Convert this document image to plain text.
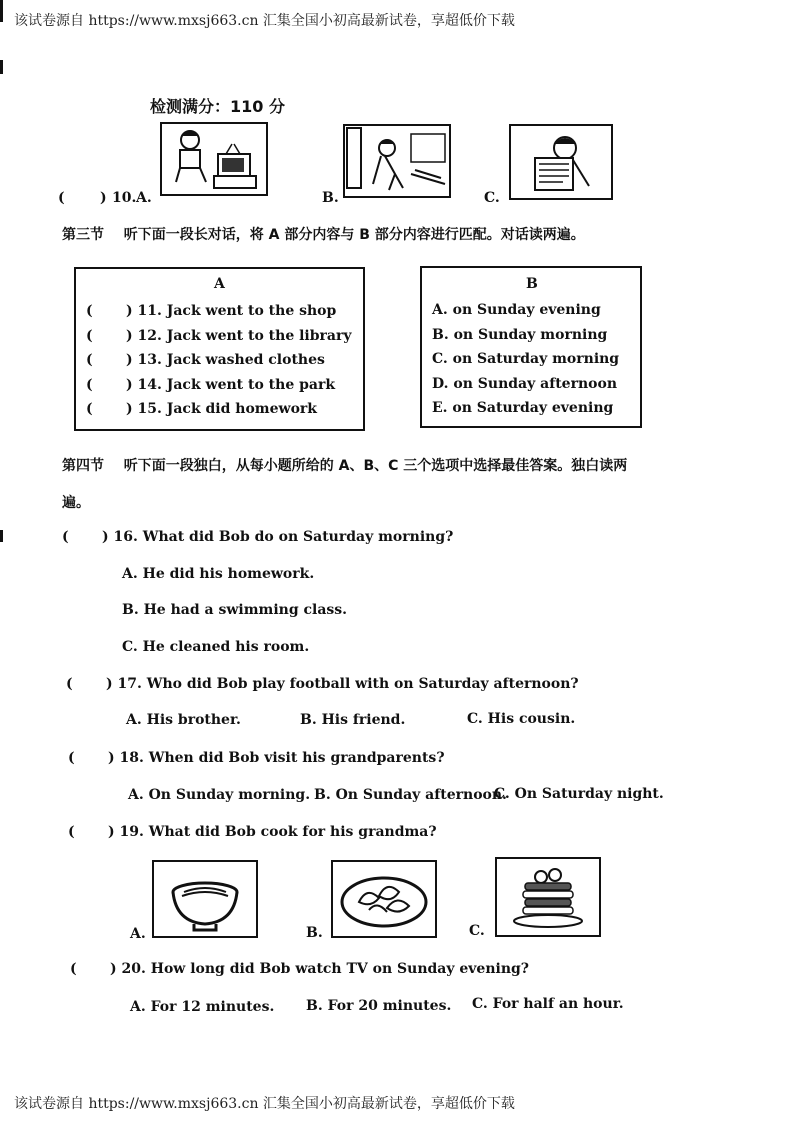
该试卷源自 https://www.mxsj663.cn 汇集全国小初高最新试卷，享超低价下载
检测满分：110 分
(	) 10. A.	B.	C.
第三节 听下面一段长对话，将 A 部分内容与 B 部分内容进行匹配。对话读两遍。
A
( ) 11. Jack went to the shop
( ) 12. Jack went to the library
( ) 13. Jack washed clothes
( ) 14. Jack went to the park
( ) 15. Jack did homework
B
A. on Sunday evening
B. on Sunday morning
C. on Saturday morning
D. on Sunday afternoon
E. on Saturday evening
第四节 听下面一段独白，从每小题所给的 A、B、C 三个选项中选择最佳答案。独白读两
遍。
( ) 16. What did Bob do on Saturday morning?
A. He did his homework.
B. He had a swimming class.
C. He cleaned his room.
( ) 17. Who did Bob play football with on Saturday afternoon?
A. His brother.	B. His friend.	C. His cousin.
( ) 18. When did Bob visit his grandparents?
A. On Sunday morning. B. On Sunday afternoon.
C. On Saturday night.
( ) 19. What did Bob cook for his grandma?
A.	B.	C.
( ) 20. How long did Bob watch TV on Sunday evening?
A. For 12 minutes. B. For 20 minutes. C. For half an hour.
该试卷源自 https://www.mxsj663.cn 汇集全国小初高最新试卷，享超低价下载
